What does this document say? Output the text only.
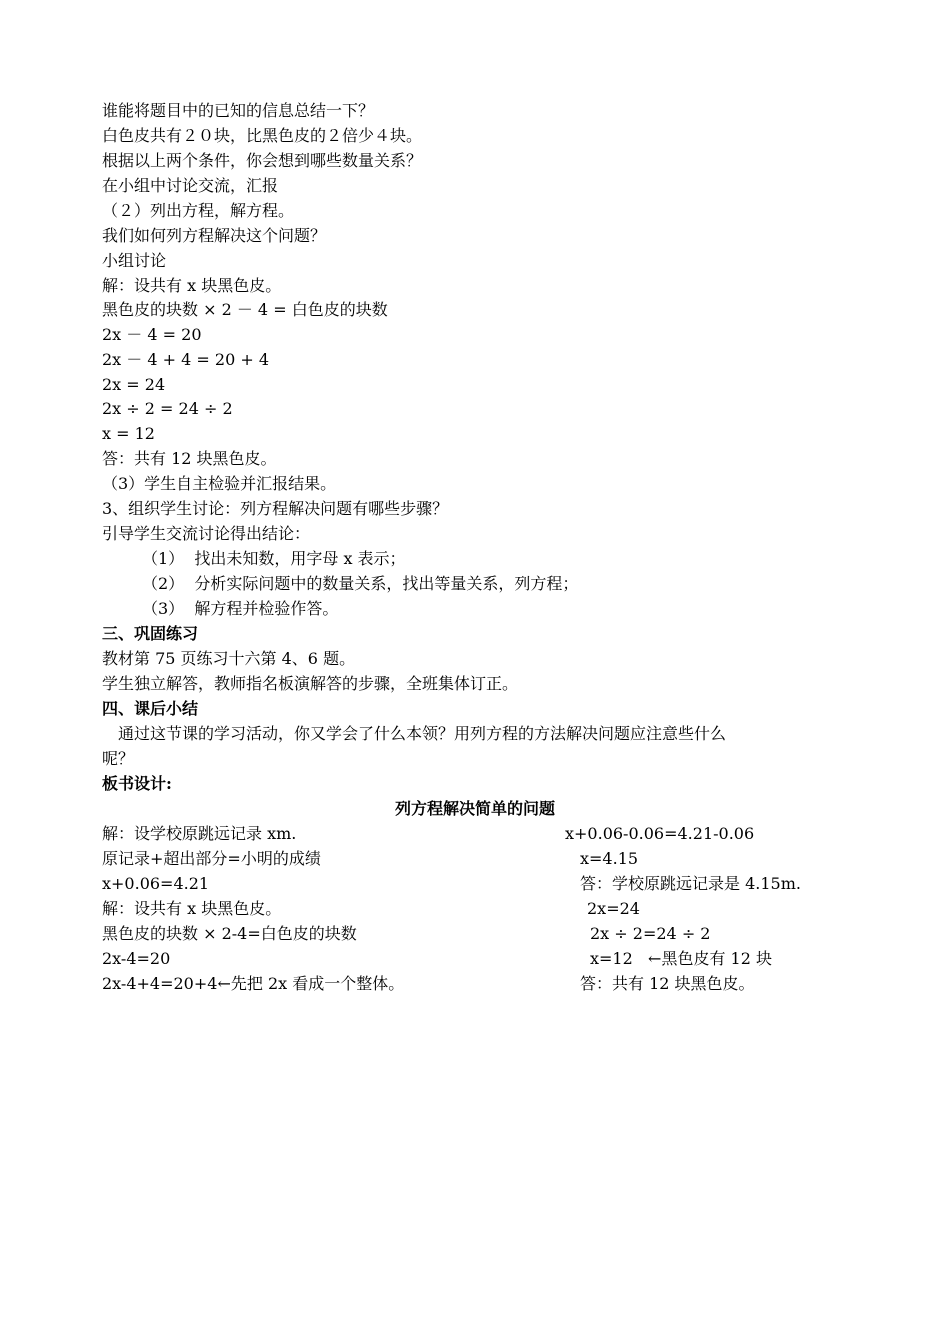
谁能将题目中的已知的信息总结一下？
白色皮共有２０块，比黑色皮的２倍少４块。
根据以上两个条件，你会想到哪些数量关系？
在小组中讨论交流，汇报
（２）列出方程，解方程。
我们如何列方程解决这个问题？
小组讨论
解：设共有 x 块黑色皮。
黑色皮的块数 × 2 － 4 = 白色皮的块数
2x － 4 = 20
2x － 4 + 4 = 20 + 4
2x = 24
2x ÷ 2 = 24 ÷ 2
x = 12
答：共有 12 块黑色皮。
（3）学生自主检验并汇报结果。
3、组织学生讨论：列方程解决问题有哪些步骤？
引导学生交流讨论得出结论：
（1）  找出未知数，用字母 x 表示；
（2）  分析实际问题中的数量关系，找出等量关系，列方程；
（3）  解方程并检验作答。
三、巩固练习
教材第 75 页练习十六第 4、6 题。
学生独立解答，教师指名板演解答的步骤，全班集体订正。
四、课后小结
通过这节课的学习活动，你又学会了什么本领？用列方程的方法解决问题应注意些什么
呢？
板书设计:
列方程解决简单的问题
解：设学校原跳远记录 xm.
原记录+超出部分=小明的成绩
x+0.06=4.21
解：设共有 x 块黑色皮。
黑色皮的块数 × 2-4=白色皮的块数
2x-4=20
2x-4+4=20+4←先把 2x 看成一个整体。
x+0.06-0.06=4.21-0.06
x=4.15
答：学校原跳远记录是 4.15m.
2x=24
2x ÷ 2=24 ÷ 2
x=12   ←黑色皮有 12 块
答：共有 12 块黑色皮。
